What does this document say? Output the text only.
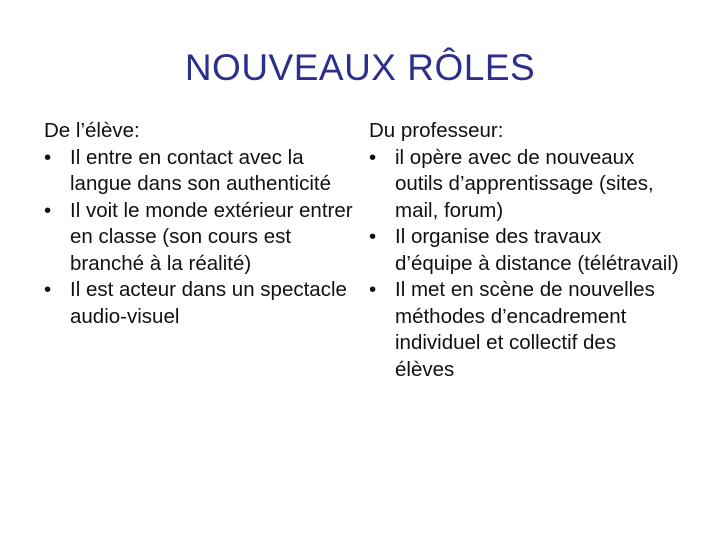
NOUVEAUX RÔLES
De l’élève:
• Il entre en contact avec la langue dans son authenticité
• Il voit le monde extérieur entrer en classe (son cours est branché à la réalité)
• Il est acteur dans un spectacle audio-visuel
Du professeur:
• il opère avec de nouveaux outils d’apprentissage (sites, mail, forum)
• Il organise des travaux d’équipe à distance (télétravail)
• Il met en scène de nouvelles méthodes d’encadrement individuel et collectif des élèves
